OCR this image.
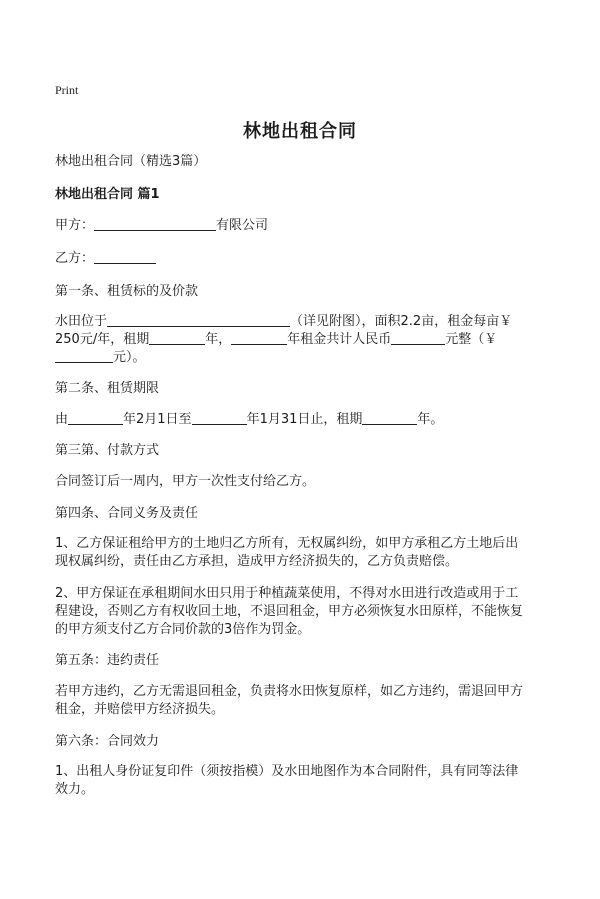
Print
林地出租合同
林地出租合同（精选3篇）
林地出租合同 篇1
甲方：	有限公司
乙方：
第一条、租赁标的及价款
水田位于	（详见附图），面积2.2亩，租金每亩￥
250元/年，租期	年，	年租金共计人民币	元整（￥
元）。
第二条、租赁期限
由	年2月1日至	年1月31日止，租期	年。
第三第、付款方式
合同签订后一周内，甲方一次性支付给乙方。
第四条、合同义务及责任
1、乙方保证租给甲方的土地归乙方所有，无权属纠纷，如甲方承租乙方土地后出
现权属纠纷，责任由乙方承担，造成甲方经济损失的，乙方负责赔偿。
2、甲方保证在承租期间水田只用于种植蔬菜使用，不得对水田进行改造或用于工
程建设，否则乙方有权收回土地，不退回租金，甲方必须恢复水田原样，不能恢复
的甲方须支付乙方合同价款的3倍作为罚金。
第五条：违约责任
若甲方违约，乙方无需退回租金，负责将水田恢复原样，如乙方违约，需退回甲方
租金，并赔偿甲方经济损失。
第六条：合同效力
1、出租人身份证复印件（须按指模）及水田地图作为本合同附件，具有同等法律
效力。
